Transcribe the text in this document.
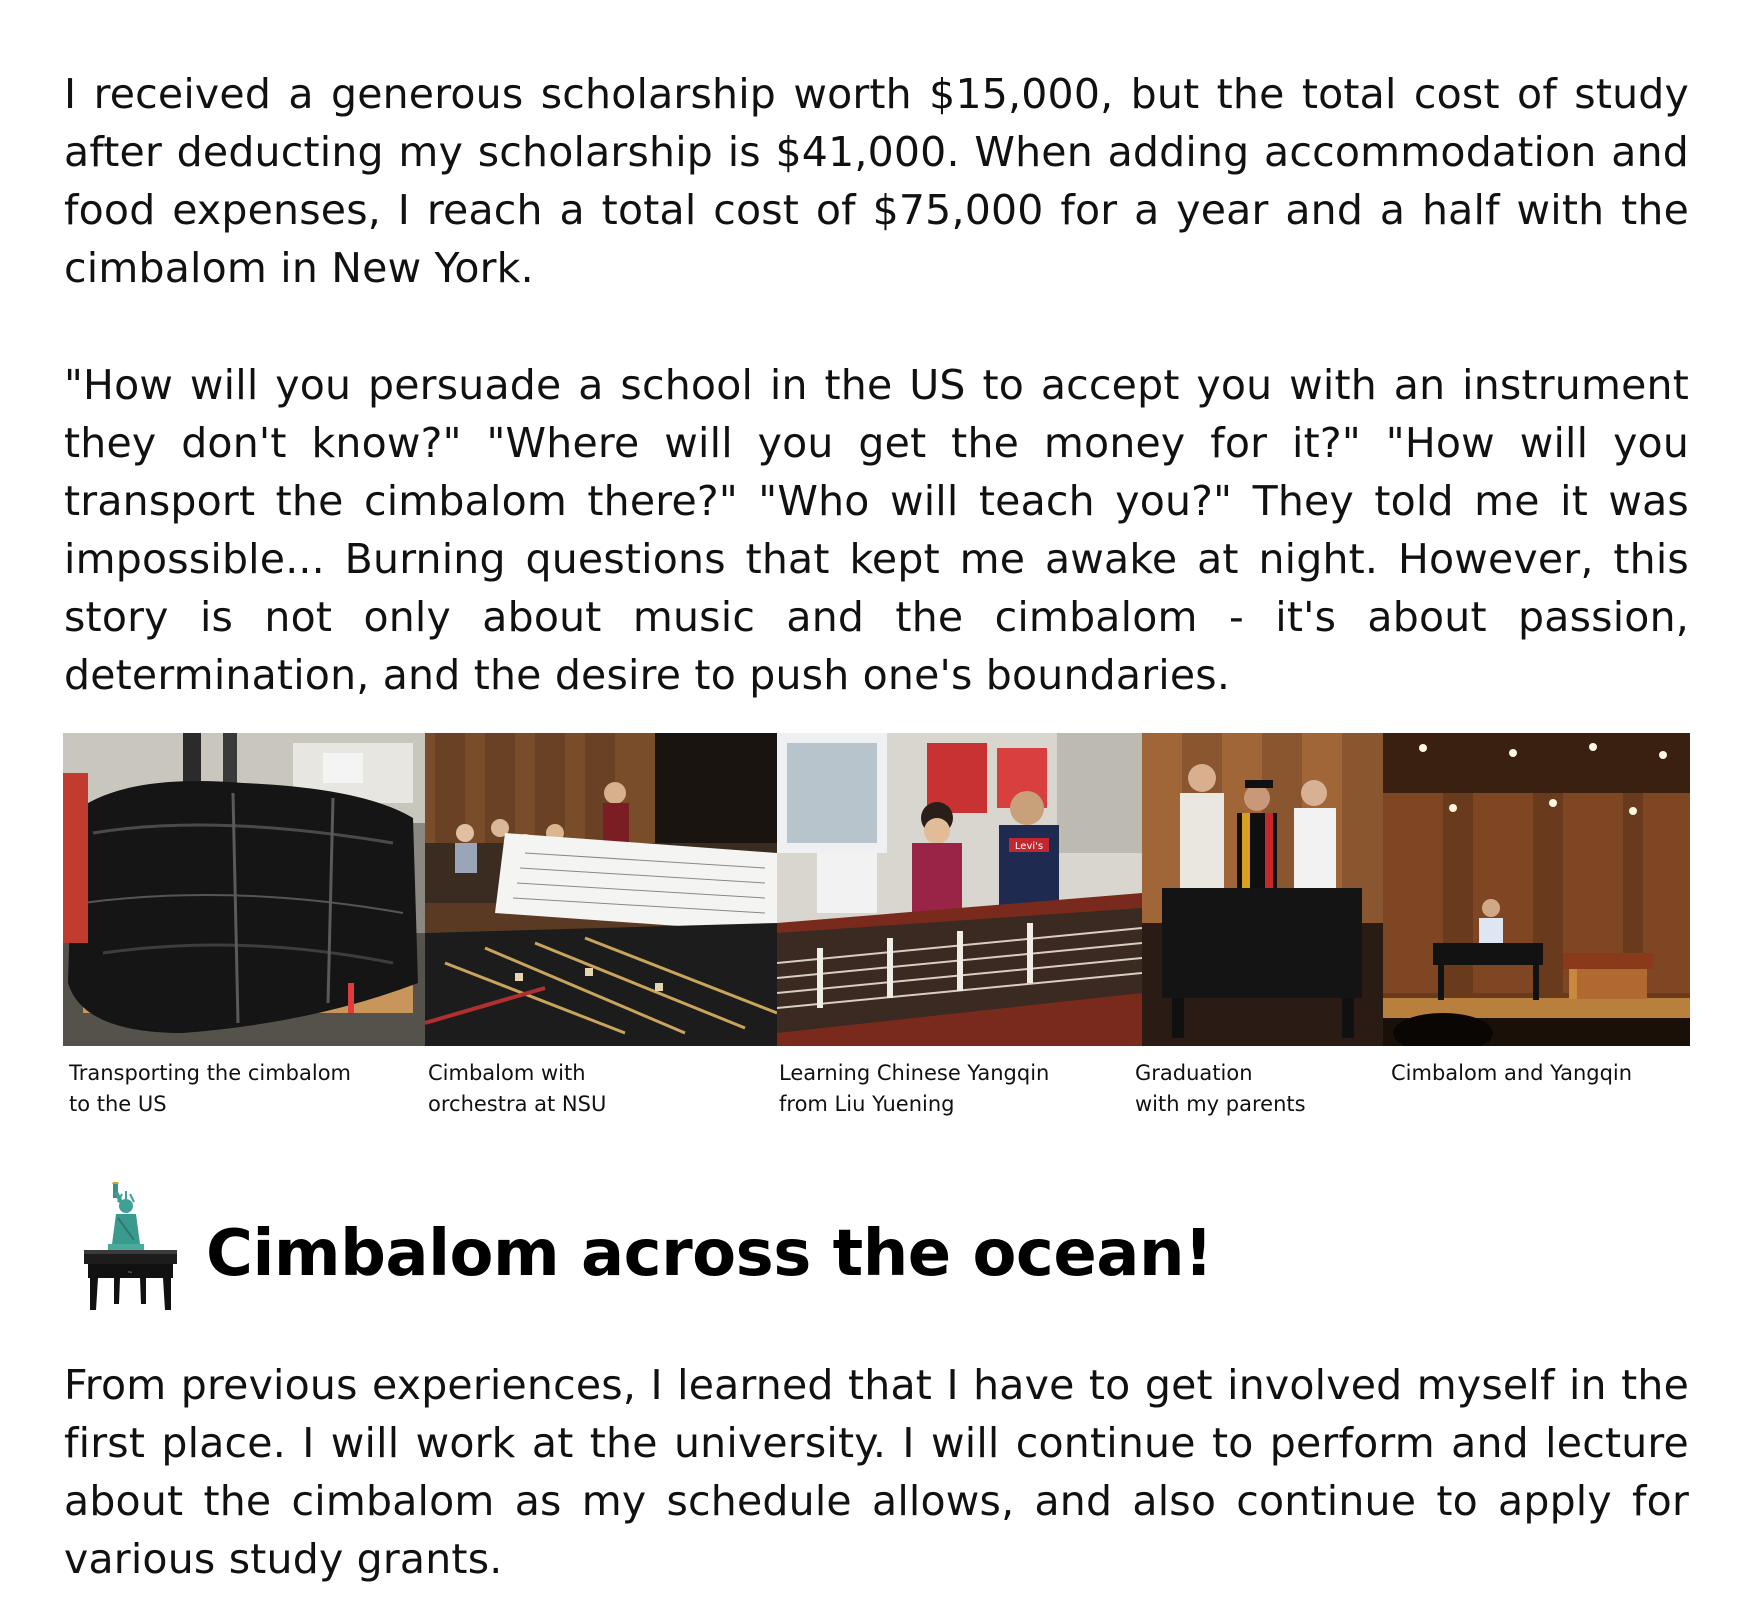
I received a generous scholarship worth $15,000, but the total cost of study after deducting my scholarship is $41,000. When adding accommodation and food expenses, I reach a total cost of $75,000 for a year and a half with the cimbalom in New York.

"How will you persuade a school in the US to accept you with an instrument they don't know?" "Where will you get the money for it?" "How will you transport the cimbalom there?" "Who will teach you?" They told me it was impossible... Burning questions that kept me awake at night. However, this story is not only about music and the cimbalom - it's about passion, determination, and the desire to push one's boundaries.

Levi's
Transporting the cimbalom
to the US
Cimbalom with
orchestra at NSU
Learning Chinese Yangqin
from Liu Yuening
Graduation
with my parents
Cimbalom and Yangqin
~ Cimbalom across the ocean!

From previous experiences, I learned that I have to get involved myself in the first place. I will work at the university. I will continue to perform and lecture about the cimbalom as my schedule allows, and also continue to apply for various study grants.
